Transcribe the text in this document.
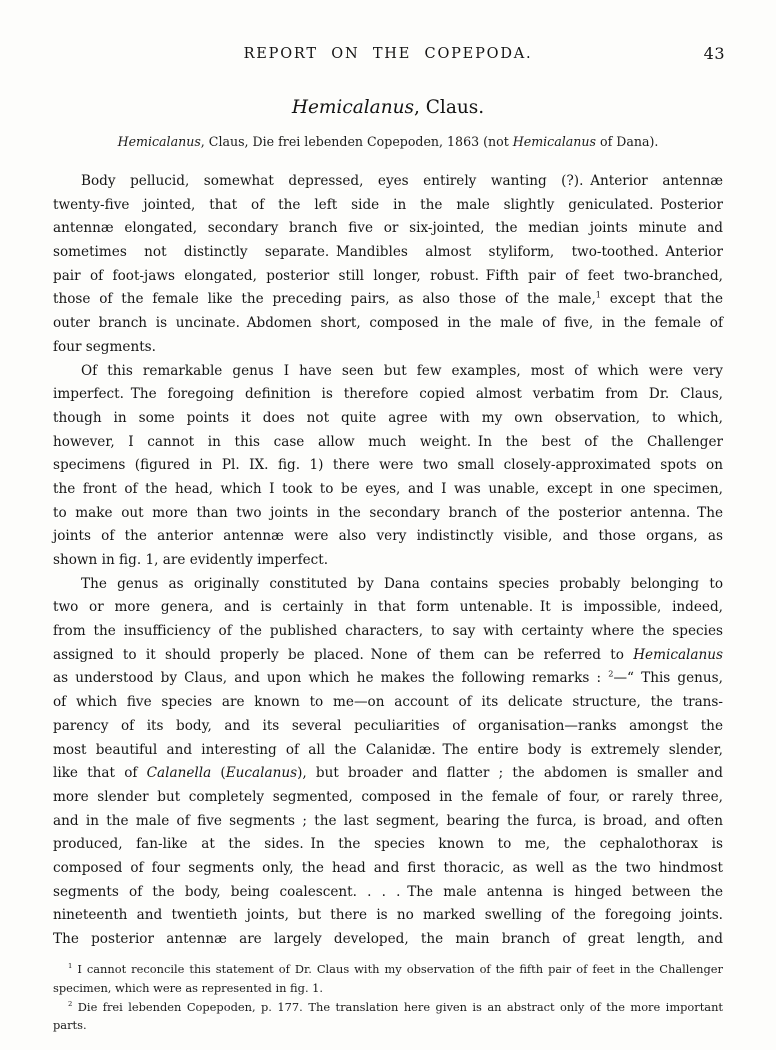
REPORT ON THE COPEPODA.	43
Hemicalanus, Claus.
Hemicalanus, Claus, Die frei lebenden Copepoden, 1863 (not Hemicalanus of Dana).
Body pellucid, somewhat depressed, eyes entirely wanting (?). Anterior antennæ
twenty-five jointed, that of the left side in the male slightly geniculated. Posterior
antennæ elongated, secondary branch five or six-jointed, the median joints minute and
sometimes not distinctly separate. Mandibles almost styliform, two-toothed. Anterior
pair of foot-jaws elongated, posterior still longer, robust. Fifth pair of feet two-branched,
those of the female like the preceding pairs, as also those of the male,$^1$ except that the
outer branch is uncinate. Abdomen short, composed in the male of five, in the female of
four segments.
Of this remarkable genus I have seen but few examples, most of which were very
imperfect. The foregoing definition is therefore copied almost verbatim from Dr. Claus,
though in some points it does not quite agree with my own observation, to which,
however, I cannot in this case allow much weight. In the best of the Challenger
specimens (figured in Pl. IX. fig. 1) there were two small closely-approximated spots on
the front of the head, which I took to be eyes, and I was unable, except in one specimen,
to make out more than two joints in the secondary branch of the posterior antenna. The
joints of the anterior antennæ were also very indistinctly visible, and those organs, as
shown in fig. 1, are evidently imperfect.
The genus as originally constituted by Dana contains species probably belonging to
two or more genera, and is certainly in that form untenable. It is impossible, indeed,
from the insufficiency of the published characters, to say with certainty where the species
assigned to it should properly be placed. None of them can be referred to Hemicalanus
as understood by Claus, and upon which he makes the following remarks : $^2$—“ This genus,
of which five species are known to me—on account of its delicate structure, the trans-
parency of its body, and its several peculiarities of organisation—ranks amongst the
most beautiful and interesting of all the Calanidæ. The entire body is extremely slender,
like that of Calanella (Eucalanus), but broader and flatter ; the abdomen is smaller and
more slender but completely segmented, composed in the female of four, or rarely three,
and in the male of five segments ; the last segment, bearing the furca, is broad, and often
produced, fan-like at the sides. In the species known to me, the cephalothorax is
composed of four segments only, the head and first thoracic, as well as the two hindmost
segments of the body, being coalescent. . . . The male antenna is hinged between the
nineteenth and twentieth joints, but there is no marked swelling of the foregoing joints.
The posterior antennæ are largely developed, the main branch of great length, and
$^1$ I cannot reconcile this statement of Dr. Claus with my observation of the fifth pair of feet in the Challenger
specimen, which were as represented in fig. 1.
$^2$ Die frei lebenden Copepoden, p. 177. The translation here given is an abstract only of the more important parts.
